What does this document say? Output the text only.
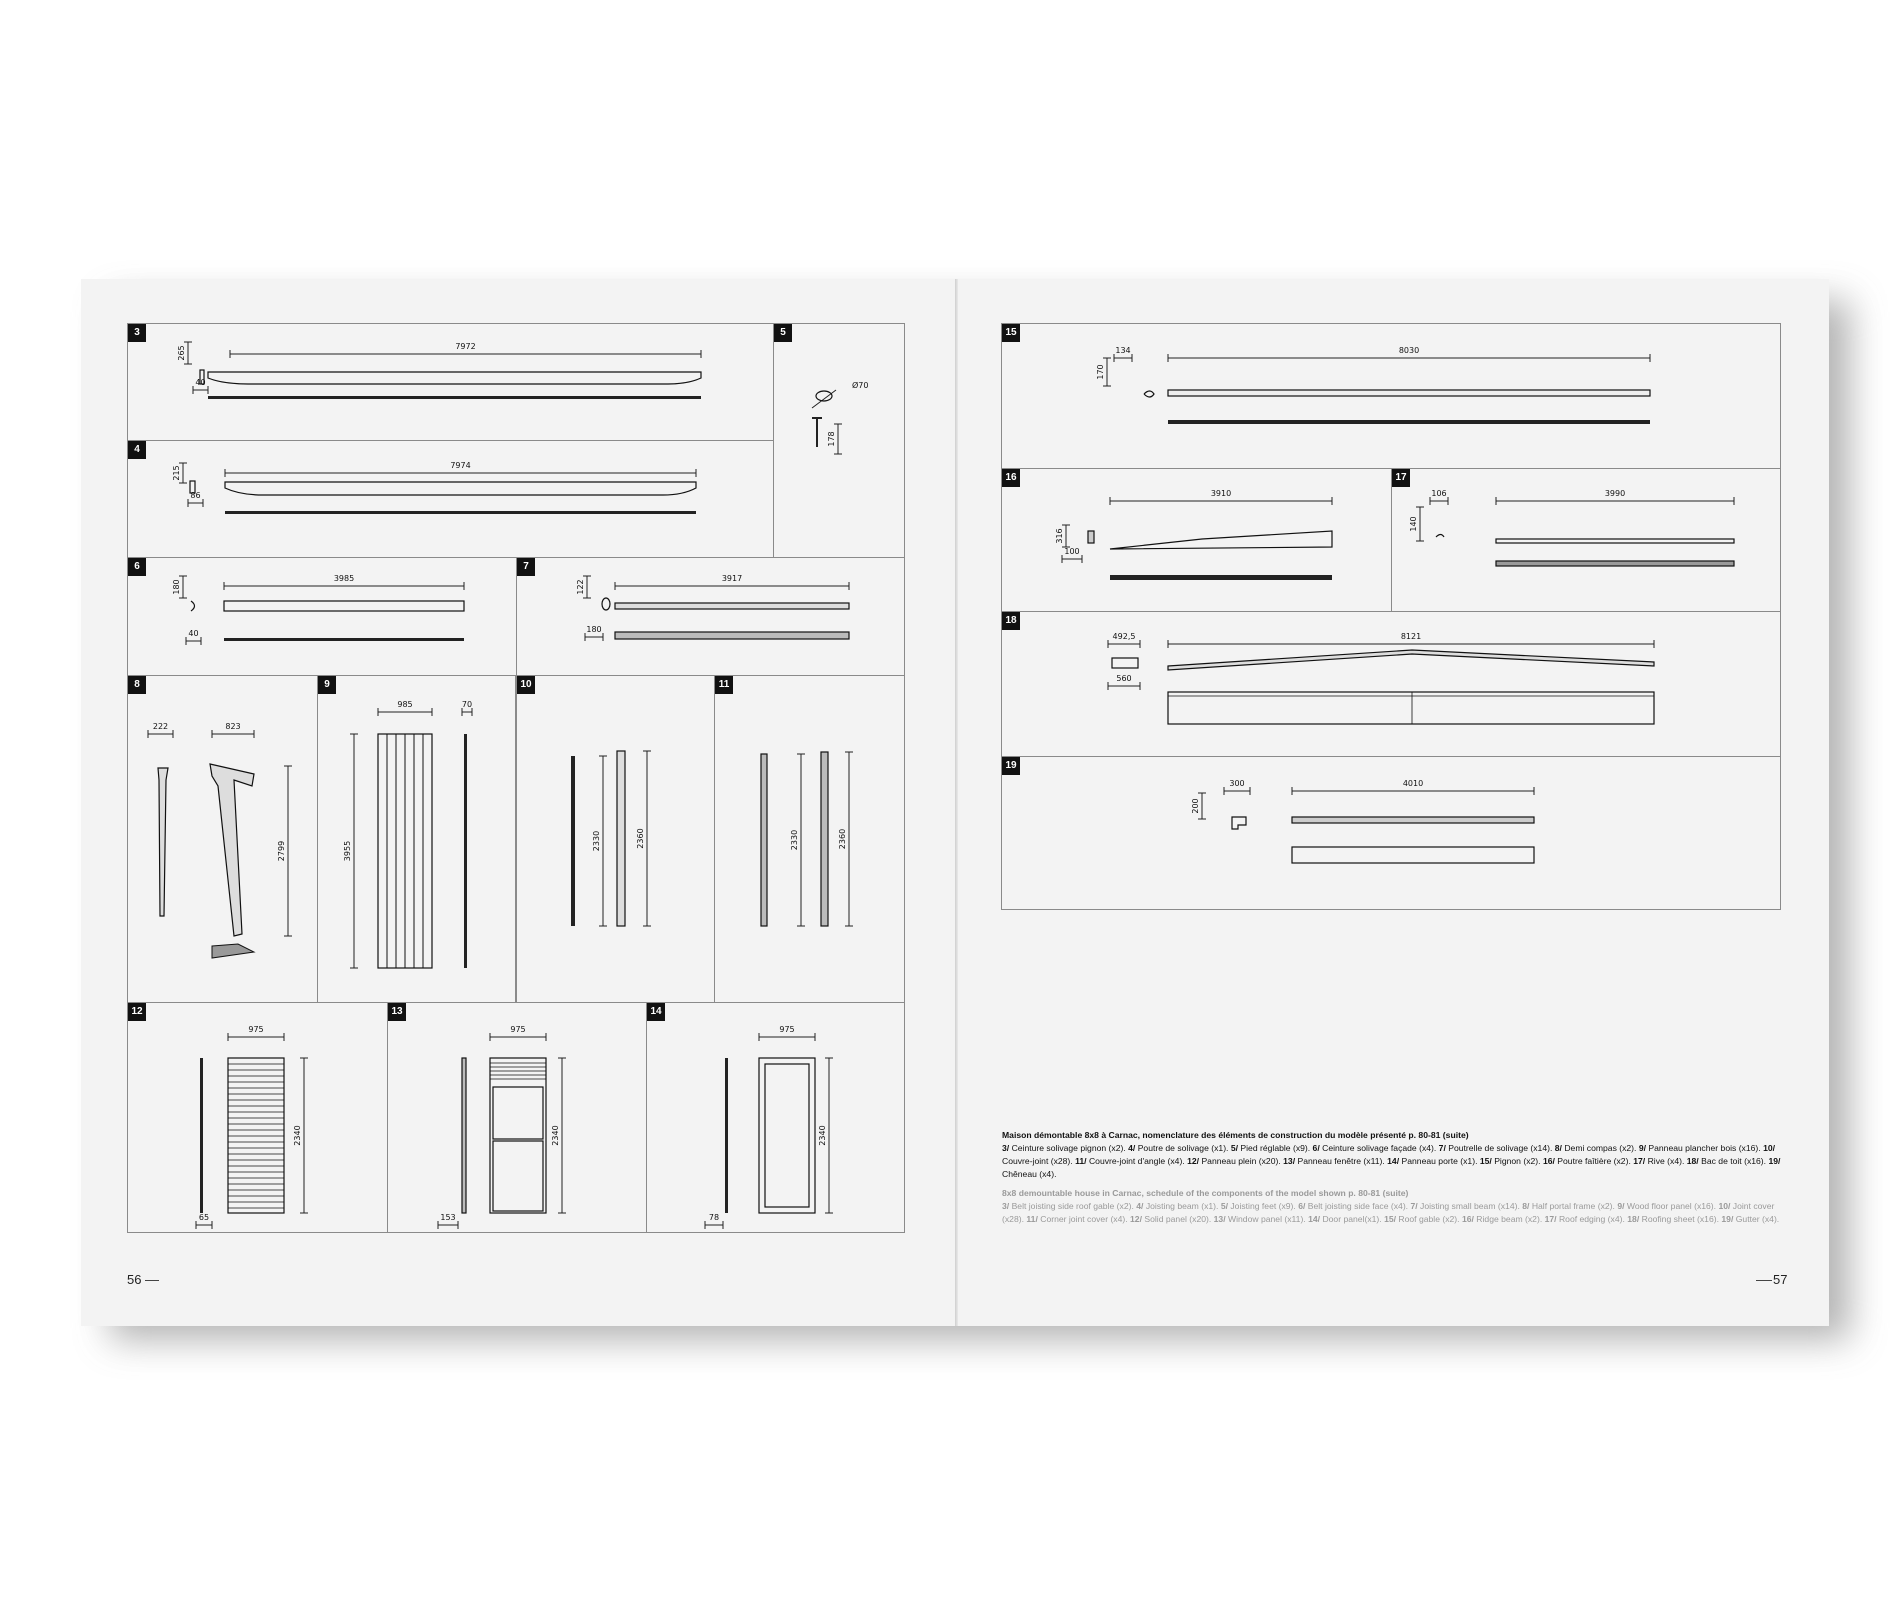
3
7972
265
40
4
7974
215
86
5
Ø70
178
6
3985
180
40
7
3917
122
180
8
222	823
2799
9
985	70
3955
10
2330	2360
11
2330	2360
12
975
2340
65
13
975
2340
153
14
975
2340
78
15
134	8030
170
16
3910
316
100
17
106	3990
140
18
492,5	8121
560
19
300	4010
200
56	57
Maison démontable 8x8 à Carnac, nomenclature des éléments de construction du modèle présenté p. 80-81 (suite)
3/ Ceinture solivage pignon (x2). 4/ Poutre de solivage (x1). 5/ Pied réglable (x9). 6/ Ceinture solivage façade (x4). 7/ Poutrelle de solivage (x14). 8/ Demi compas (x2). 9/ Panneau plancher bois (x16). 10/ Couvre-joint (x28). 11/ Couvre-joint d'angle (x4). 12/ Panneau plein (x20). 13/ Panneau fenêtre (x11). 14/ Panneau porte (x1). 15/ Pignon (x2). 16/ Poutre faîtière (x2). 17/ Rive (x4). 18/ Bac de toit (x16). 19/ Chêneau (x4).
8x8 demountable house in Carnac, schedule of the components of the model shown p. 80-81 (suite)
3/ Belt joisting side roof gable (x2). 4/ Joisting beam (x1). 5/ Joisting feet (x9). 6/ Belt joisting side face (x4). 7/ Joisting small beam (x14). 8/ Half portal frame (x2). 9/ Wood floor panel (x16). 10/ Joint cover (x28). 11/ Corner joint cover (x4). 12/ Solid panel (x20). 13/ Window panel (x11). 14/ Door panel(x1). 15/ Roof gable (x2). 16/ Ridge beam (x2). 17/ Roof edging (x4). 18/ Roofing sheet (x16). 19/ Gutter (x4).
